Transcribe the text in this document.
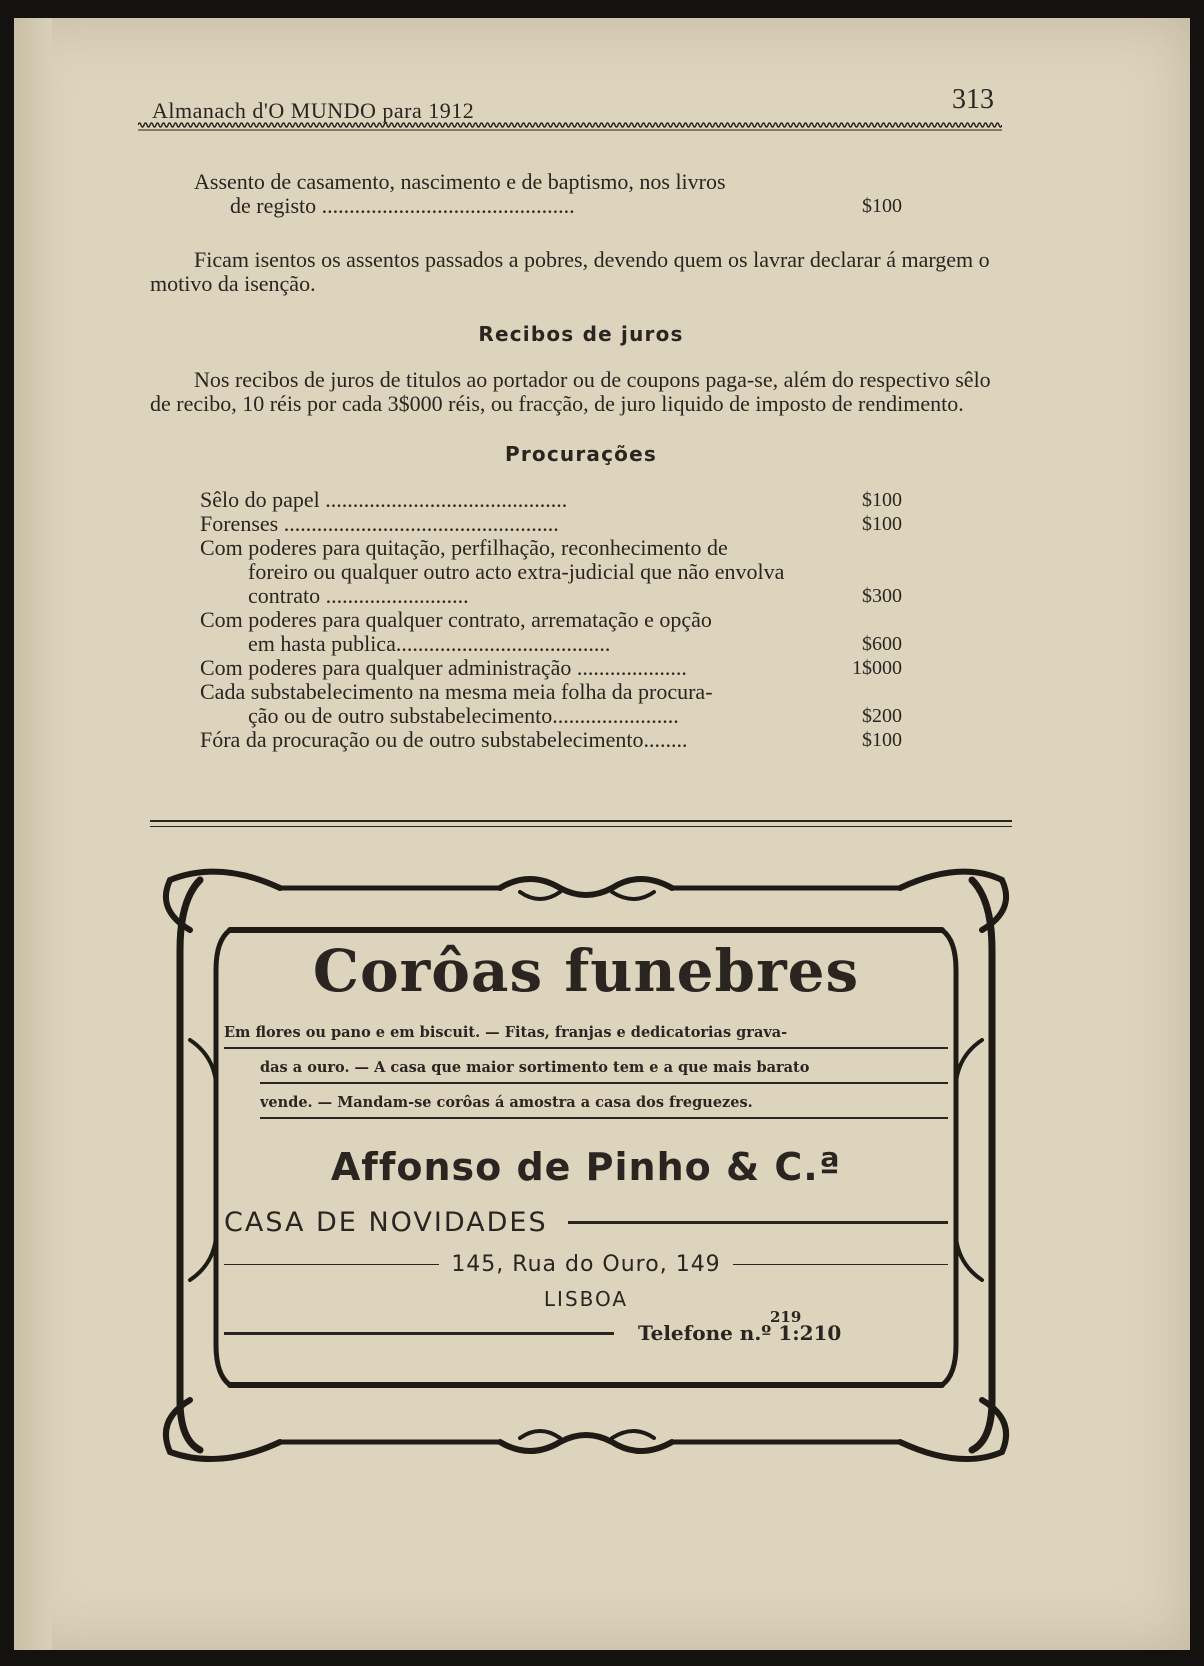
Almanach d'O MUNDO para 1912	313
Assento de casamento, nascimento e de baptismo, nos livros
de registo ..............................................	$100

Ficam isentos os assentos passados a pobres, devendo quem os lavrar declarar á margem o motivo da isenção.

Recibos de juros

Nos recibos de juros de titulos ao portador ou de coupons paga-se, além do respectivo sêlo de recibo, 10 réis por cada 3$000 réis, ou fracção, de juro liquido de imposto de rendimento.

Procurações
Sêlo do papel ............................................	$100
Forenses ..................................................	$100
Com poderes para quitação, perfilhação, reconhecimento de
foreiro ou qualquer outro acto extra-judicial que não envolva contrato ..........................	$300
Com poderes para qualquer contrato, arrematação e opção
em hasta publica.......................................	$600
Com poderes para qualquer administração ....................	1$000
Cada substabelecimento na mesma meia folha da procura-
ção ou de outro substabelecimento.......................	$200
Fóra da procuração ou de outro substabelecimento........	$100
Corôas funebres
Em flores ou pano e em biscuit. — Fitas, franjas e dedicatorias grava-
das a ouro. — A casa que maior sortimento tem e a que mais barato
vende. — Mandam-se corôas á amostra a casa dos freguezes.
Affonso de Pinho & C.ª
CASA DE NOVIDADES
145, Rua do Ouro, 149
LISBOA
Telefone n.º 1:210
219
